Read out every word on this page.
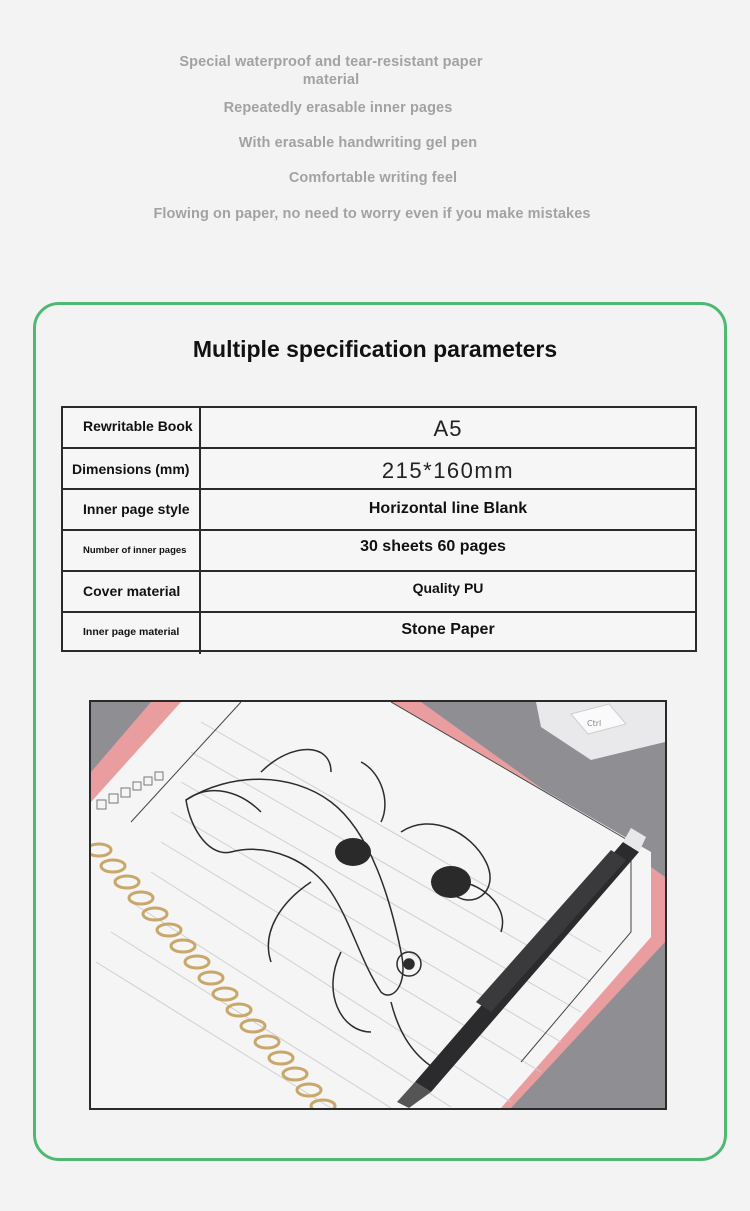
Special waterproof and tear-resistant paper material
Repeatedly erasable inner pages
With erasable handwriting gel pen
Comfortable writing feel
Flowing on paper, no need to worry even if you make mistakes
Multiple specification parameters
Rewritable Book	A5
Dimensions (mm)	215*160mm
Inner page style	Horizontal line Blank
Number of inner pages	30 sheets 60 pages
Cover material	Quality PU
Inner page material	Stone Paper
Ctrl
